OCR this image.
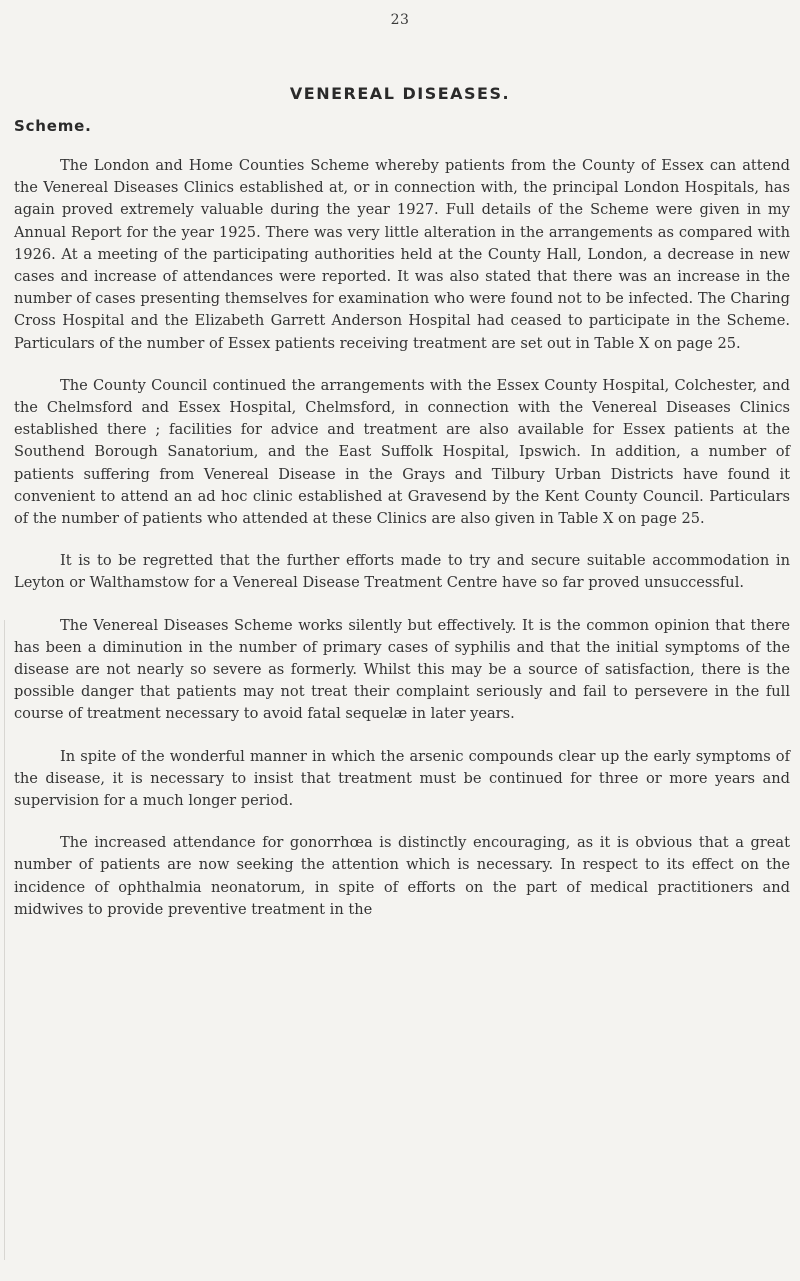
23
VENEREAL DISEASES.
Scheme.

The London and Home Counties Scheme whereby patients from the County of Essex can attend the Venereal Diseases Clinics established at, or in connection with, the principal London Hospitals, has again proved extremely valuable during the year 1927. Full details of the Scheme were given in my Annual Report for the year 1925. There was very little alteration in the arrangements as compared with 1926. At a meeting of the participating authorities held at the County Hall, London, a decrease in new cases and increase of attendances were reported. It was also stated that there was an increase in the number of cases presenting themselves for examination who were found not to be infected. The Charing Cross Hospital and the Elizabeth Garrett Anderson Hospital had ceased to participate in the Scheme. Particulars of the number of Essex patients receiving treatment are set out in Table X on page 25.

The County Council continued the arrangements with the Essex County Hospital, Colchester, and the Chelmsford and Essex Hospital, Chelmsford, in connection with the Venereal Diseases Clinics established there ; facilities for advice and treatment are also available for Essex patients at the Southend Borough Sanatorium, and the East Suffolk Hospital, Ipswich. In addition, a number of patients suffering from Venereal Disease in the Grays and Tilbury Urban Districts have found it convenient to attend an ad hoc clinic established at Gravesend by the Kent County Council. Particulars of the number of patients who attended at these Clinics are also given in Table X on page 25.

It is to be regretted that the further efforts made to try and secure suitable accommodation in Leyton or Walthamstow for a Venereal Disease Treatment Centre have so far proved unsuccessful.

The Venereal Diseases Scheme works silently but effectively. It is the common opinion that there has been a diminution in the number of primary cases of syphilis and that the initial symptoms of the disease are not nearly so severe as formerly. Whilst this may be a source of satisfaction, there is the possible danger that patients may not treat their complaint seriously and fail to persevere in the full course of treatment necessary to avoid fatal sequelæ in later years.

In spite of the wonderful manner in which the arsenic compounds clear up the early symptoms of the disease, it is necessary to insist that treatment must be continued for three or more years and supervision for a much longer period.

The increased attendance for gonorrhœa is distinctly encouraging, as it is obvious that a great number of patients are now seeking the attention which is necessary. In respect to its effect on the incidence of ophthalmia neonatorum, in spite of efforts on the part of medical practitioners and midwives to provide preventive treatment in the
